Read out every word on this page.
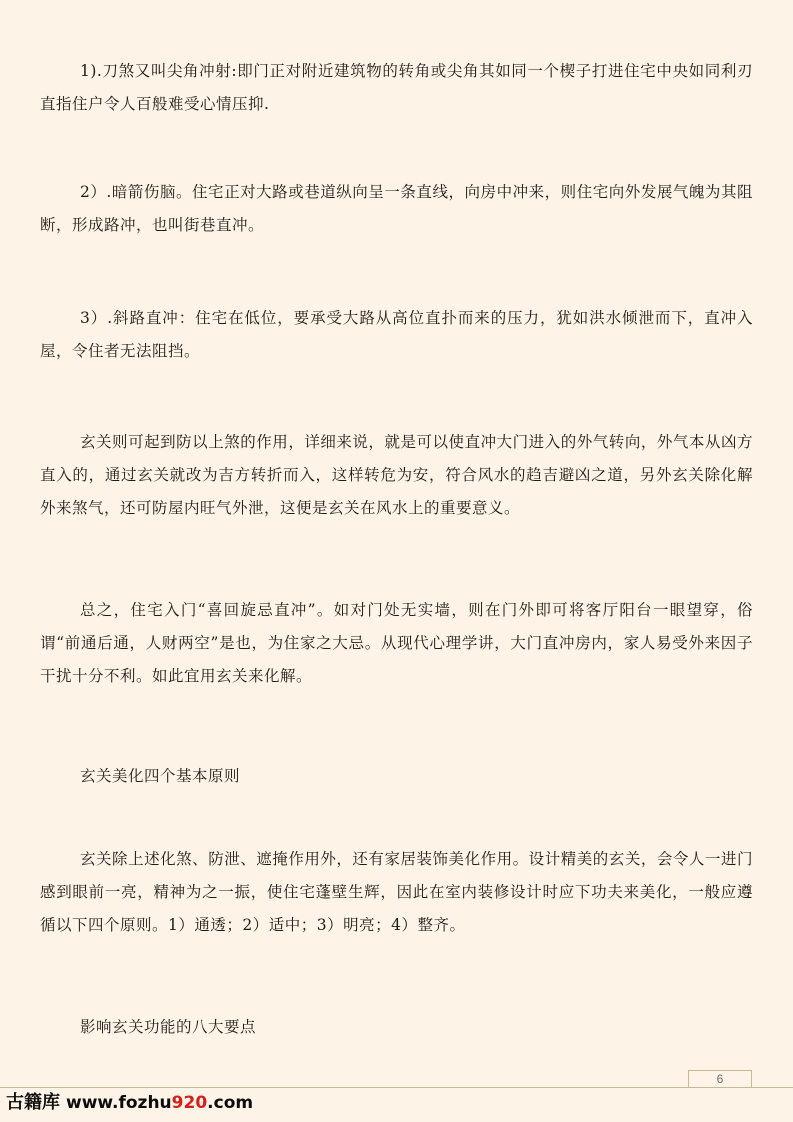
1).刀煞又叫尖角冲射:即门正对附近建筑物的转角或尖角其如同一个楔子打进住宅中央如同利刃直指住户令人百般难受心情压抑.

2）.暗箭伤脑。住宅正对大路或巷道纵向呈一条直线，向房中冲来，则住宅向外发展气魄为其阻断，形成路冲，也叫街巷直冲。

3）.斜路直冲：住宅在低位，要承受大路从高位直扑而来的压力，犹如洪水倾泄而下，直冲入屋，令住者无法阻挡。

玄关则可起到防以上煞的作用，详细来说，就是可以使直冲大门进入的外气转向，外气本从凶方直入的，通过玄关就改为吉方转折而入，这样转危为安，符合风水的趋吉避凶之道，另外玄关除化解外来煞气，还可防屋内旺气外泄，这便是玄关在风水上的重要意义。

总之，住宅入门“喜回旋忌直冲”。如对门处无实墙，则在门外即可将客厅阳台一眼望穿，俗谓“前通后通，人财两空”是也，为住家之大忌。从现代心理学讲，大门直冲房内，家人易受外来因子干扰十分不利。如此宜用玄关来化解。

玄关美化四个基本原则

玄关除上述化煞、防泄、遮掩作用外，还有家居装饰美化作用。设计精美的玄关，会令人一进门感到眼前一亮，精神为之一振，使住宅蓬壁生辉，因此在室内装修设计时应下功夫来美化，一般应遵循以下四个原则。1）通透；2）适中；3）明亮；4）整齐。

影响玄关功能的八大要点

6
古籍库 www.fozhu920.com
